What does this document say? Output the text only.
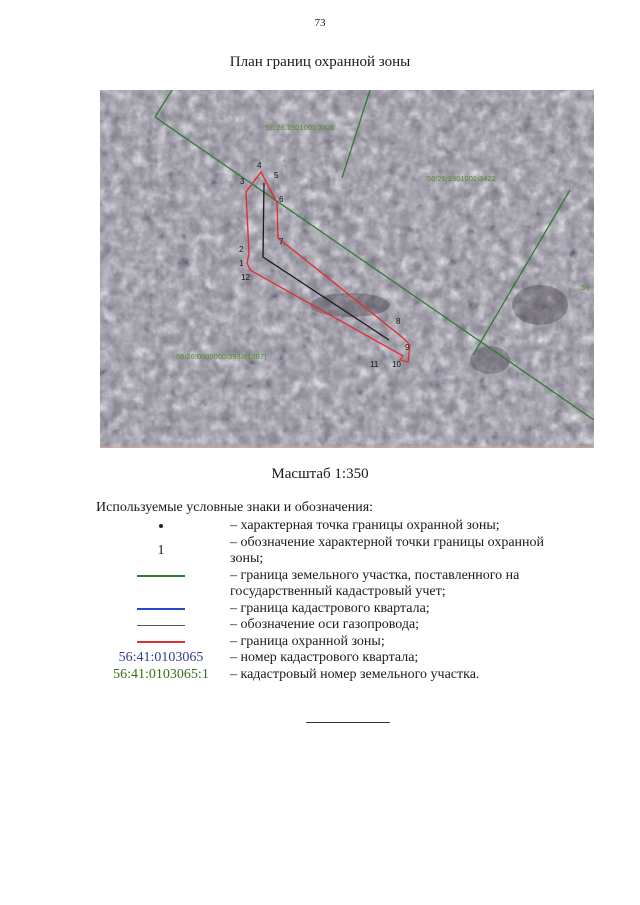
73
План границ охранной зоны
1
2
3
4
5
6
7
8
9
10
11
12
56:26:1901001:3426
56:26:1901001:3422
56:26:0000000:3933(1987)
56
Масштаб 1:350
Используемые условные знаки и обозначения:
– характерная точка границы охранной зоны;
1
– обозначение характерной точки границы охранной зоны;
– граница земельного участка, поставленного на государственный кадастровый учет;
– граница кадастрового квартала;
– обозначение оси газопровода;
– граница охранной зоны;
56:41:0103065 – номер кадастрового квартала;
56:41:0103065:1 – кадастровый номер земельного участка.
